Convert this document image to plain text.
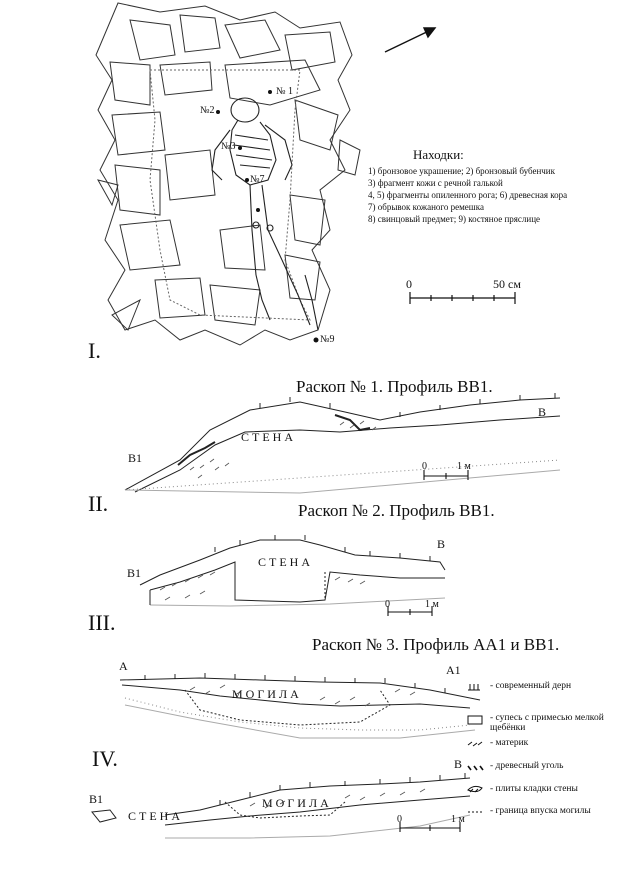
№ 1
№2
№3
№7
№9
Находки:
1) бронзовое украшение; 2) бронзовый бубенчик
3) фрагмент кожи с речной галькой
4, 5) фрагменты опиленного рога; 6) древесная кора
7) обрывок кожаного ремешка
8) свинцовый предмет; 9) костяное пряслице
0	50 см
I.
Раскоп № 1. Профиль ВВ1.
В1
В
СТЕНА
0	1 м
II.	Раскоп № 2. Профиль ВВ1.
В1
В
СТЕНА
0	1 м
III.
Раскоп № 3. Профиль АА1 и ВВ1.
А	А1
МОГИЛА
IV.
В1
В
СТЕНА
МОГИЛА
0	1 м
- современный дерн
- супесь с примесью мелкой щебёнки
- материк
- древесный уголь
- плиты кладки стены
- граница впуска могилы
